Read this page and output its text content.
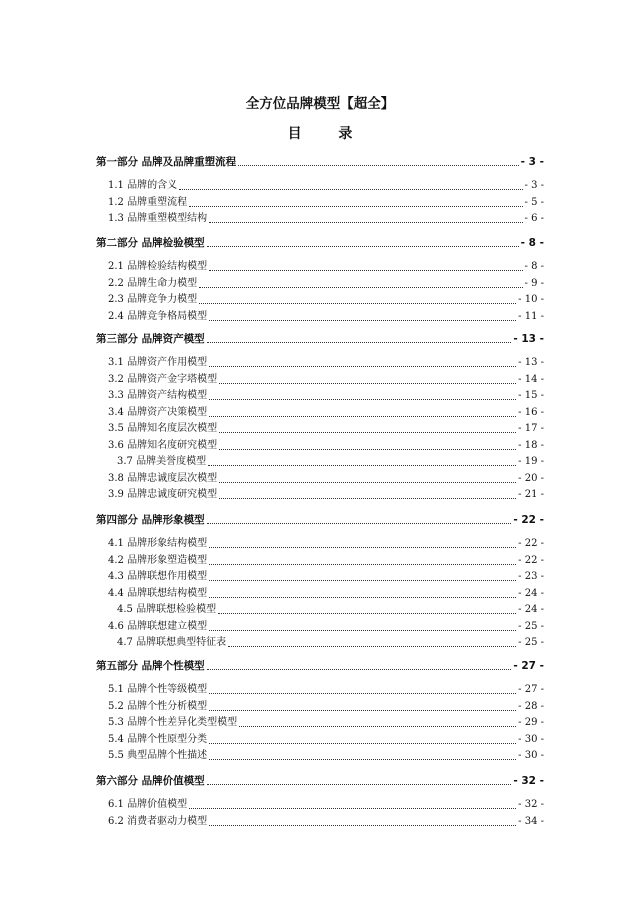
全方位品牌模型【超全】
目 录
第一部分 品牌及品牌重塑流程	- 3 -
1.1 品牌的含义	- 3 -
1.2 品牌重塑流程	- 5 -
1.3 品牌重塑模型结构	- 6 -
第二部分 品牌检验模型	- 8 -
2.1 品牌检验结构模型	- 8 -
2.2 品牌生命力模型	- 9 -
2.3 品牌竞争力模型	- 10 -
2.4 品牌竞争格局模型	- 11 -
第三部分 品牌资产模型	- 13 -
3.1 品牌资产作用模型	- 13 -
3.2 品牌资产金字塔模型	- 14 -
3.3 品牌资产结构模型	- 15 -
3.4 品牌资产决策模型	- 16 -
3.5 品牌知名度层次模型	- 17 -
3.6 品牌知名度研究模型	- 18 -
3.7 品牌美誉度模型	- 19 -
3.8 品牌忠诚度层次模型	- 20 -
3.9 品牌忠诚度研究模型	- 21 -
第四部分 品牌形象模型	- 22 -
4.1 品牌形象结构模型	- 22 -
4.2 品牌形象塑造模型	- 22 -
4.3 品牌联想作用模型	- 23 -
4.4 品牌联想结构模型	- 24 -
4.5 品牌联想检验模型	- 24 -
4.6 品牌联想建立模型	- 25 -
4.7 品牌联想典型特征表	- 25 -
第五部分 品牌个性模型	- 27 -
5.1 品牌个性等级模型	- 27 -
5.2 品牌个性分析模型	- 28 -
5.3 品牌个性差异化类型模型	- 29 -
5.4 品牌个性原型分类	- 30 -
5.5 典型品牌个性描述	- 30 -
第六部分 品牌价值模型	- 32 -
6.1 品牌价值模型	- 32 -
6.2 消费者驱动力模型	- 34 -
